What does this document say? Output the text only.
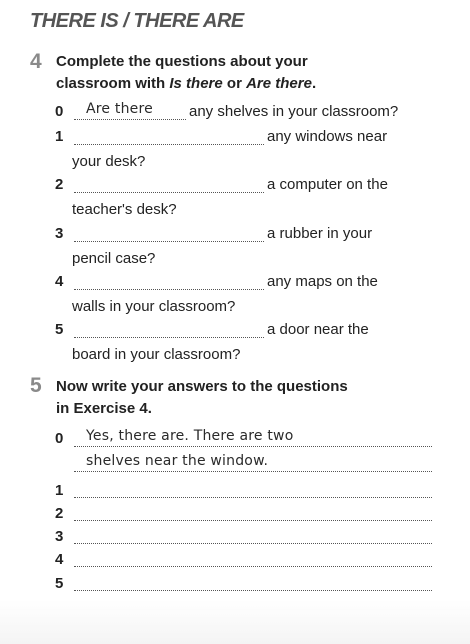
THERE IS / THERE ARE
4 Complete the questions about your
classroom with Is there or Are there.
0 Are there any shelves in your classroom?
1	any windows near
your desk?
2	a computer on the
teacher's desk?
3	a rubber in your
pencil case?
4	any maps on the
walls in your classroom?
5	a door near the
board in your classroom?
5 Now write your answers to the questions
in Exercise 4.
0 Yes, there are. There are two
shelves near the window.
1
2
3
4
5
